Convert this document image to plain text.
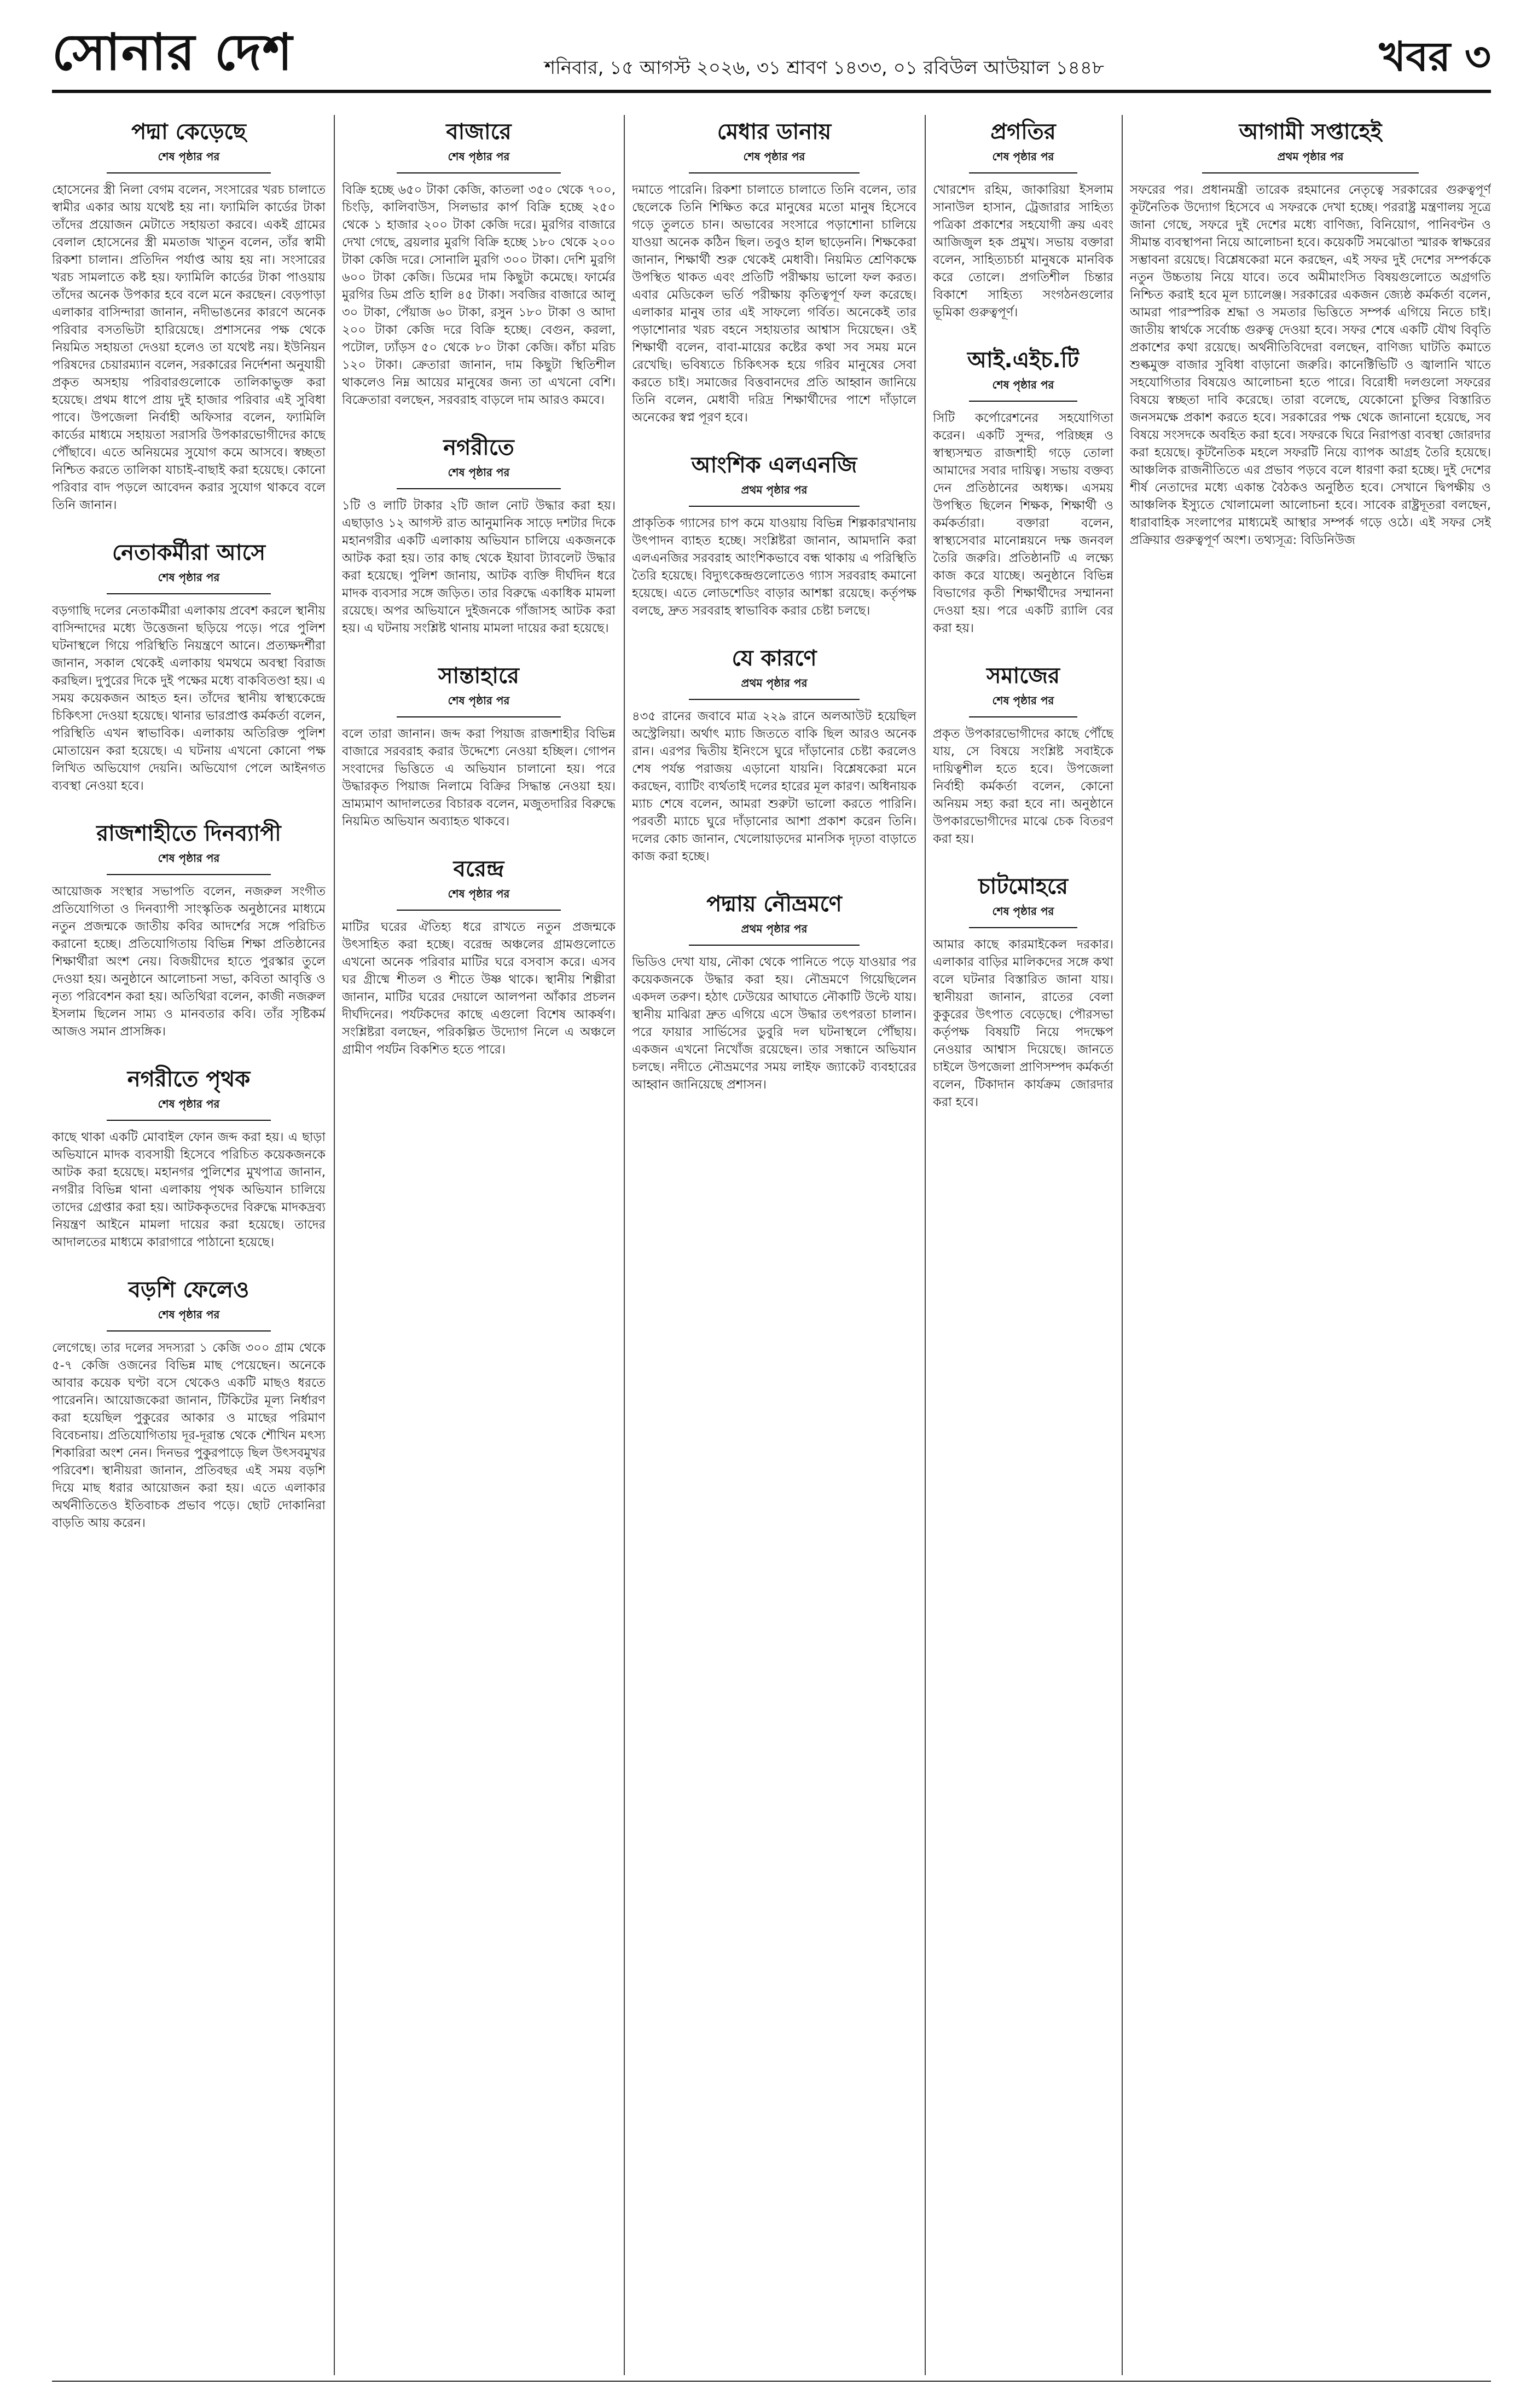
সোনার দেশ	শনিবার, ১৫ আগস্ট ২০২৬, ৩১ শ্রাবণ ১৪৩৩, ০১ রবিউল আউয়াল ১৪৪৮	খবর ৩
পদ্মা কেড়েছে
শেষ পৃষ্ঠার পর

হোসেনের স্ত্রী নিলা বেগম বলেন, সংসারের খরচ চালাতে স্বামীর একার আয় যথেষ্ট হয় না। ফ্যামিলি কার্ডের টাকা তাঁদের প্রয়োজন মেটাতে সহায়তা করবে। একই গ্রামের বেলাল হোসেনের স্ত্রী মমতাজ খাতুন বলেন, তাঁর স্বামী রিকশা চালান। প্রতিদিন পর্যাপ্ত আয় হয় না। সংসারের খরচ সামলাতে কষ্ট হয়। ফ্যামিলি কার্ডের টাকা পাওয়ায় তাঁদের অনেক উপকার হবে বলে মনে করছেন। বেড়পাড়া এলাকার বাসিন্দারা জানান, নদীভাঙনের কারণে অনেক পরিবার বসতভিটা হারিয়েছে। প্রশাসনের পক্ষ থেকে নিয়মিত সহায়তা দেওয়া হলেও তা যথেষ্ট নয়। ইউনিয়ন পরিষদের চেয়ারম্যান বলেন, সরকারের নির্দেশনা অনুযায়ী প্রকৃত অসহায় পরিবারগুলোকে তালিকাভুক্ত করা হয়েছে। প্রথম ধাপে প্রায় দুই হাজার পরিবার এই সুবিধা পাবে। উপজেলা নির্বাহী অফিসার বলেন, ফ্যামিলি কার্ডের মাধ্যমে সহায়তা সরাসরি উপকারভোগীদের কাছে পৌঁছাবে। এতে অনিয়মের সুযোগ কমে আসবে। স্বচ্ছতা নিশ্চিত করতে তালিকা যাচাই-বাছাই করা হয়েছে। কোনো পরিবার বাদ পড়লে আবেদন করার সুযোগ থাকবে বলে তিনি জানান।

নেতাকর্মীরা আসে
শেষ পৃষ্ঠার পর

বড়গাছি দলের নেতাকর্মীরা এলাকায় প্রবেশ করলে স্থানীয় বাসিন্দাদের মধ্যে উত্তেজনা ছড়িয়ে পড়ে। পরে পুলিশ ঘটনাস্থলে গিয়ে পরিস্থিতি নিয়ন্ত্রণে আনে। প্রত্যক্ষদর্শীরা জানান, সকাল থেকেই এলাকায় থমথমে অবস্থা বিরাজ করছিল। দুপুরের দিকে দুই পক্ষের মধ্যে বাকবিতণ্ডা হয়। এ সময় কয়েকজন আহত হন। তাঁদের স্থানীয় স্বাস্থ্যকেন্দ্রে চিকিৎসা দেওয়া হয়েছে। থানার ভারপ্রাপ্ত কর্মকর্তা বলেন, পরিস্থিতি এখন স্বাভাবিক। এলাকায় অতিরিক্ত পুলিশ মোতায়েন করা হয়েছে। এ ঘটনায় এখনো কোনো পক্ষ লিখিত অভিযোগ দেয়নি। অভিযোগ পেলে আইনগত ব্যবস্থা নেওয়া হবে।

রাজশাহীতে দিনব্যাপী
শেষ পৃষ্ঠার পর

আয়োজক সংস্থার সভাপতি বলেন, নজরুল সংগীত প্রতিযোগিতা ও দিনব্যাপী সাংস্কৃতিক অনুষ্ঠানের মাধ্যমে নতুন প্রজন্মকে জাতীয় কবির আদর্শের সঙ্গে পরিচিত করানো হচ্ছে। প্রতিযোগিতায় বিভিন্ন শিক্ষা প্রতিষ্ঠানের শিক্ষার্থীরা অংশ নেয়। বিজয়ীদের হাতে পুরস্কার তুলে দেওয়া হয়। অনুষ্ঠানে আলোচনা সভা, কবিতা আবৃত্তি ও নৃত্য পরিবেশন করা হয়। অতিথিরা বলেন, কাজী নজরুল ইসলাম ছিলেন সাম্য ও মানবতার কবি। তাঁর সৃষ্টিকর্ম আজও সমান প্রাসঙ্গিক।

নগরীতে পৃথক
শেষ পৃষ্ঠার পর

কাছে থাকা একটি মোবাইল ফোন জব্দ করা হয়। এ ছাড়া অভিযানে মাদক ব্যবসায়ী হিসেবে পরিচিত কয়েকজনকে আটক করা হয়েছে। মহানগর পুলিশের মুখপাত্র জানান, নগরীর বিভিন্ন থানা এলাকায় পৃথক অভিযান চালিয়ে তাদের গ্রেপ্তার করা হয়। আটককৃতদের বিরুদ্ধে মাদকদ্রব্য নিয়ন্ত্রণ আইনে মামলা দায়ের করা হয়েছে। তাদের আদালতের মাধ্যমে কারাগারে পাঠানো হয়েছে।

বড়শি ফেলেও
শেষ পৃষ্ঠার পর

লেগেছে। তার দলের সদস্যরা ১ কেজি ৩০০ গ্রাম থেকে ৫-৭ কেজি ওজনের বিভিন্ন মাছ পেয়েছেন। অনেকে আবার কয়েক ঘণ্টা বসে থেকেও একটি মাছও ধরতে পারেননি। আয়োজকেরা জানান, টিকিটের মূল্য নির্ধারণ করা হয়েছিল পুকুরের আকার ও মাছের পরিমাণ বিবেচনায়। প্রতিযোগিতায় দূর-দূরান্ত থেকে শৌখিন মৎস্য শিকারিরা অংশ নেন। দিনভর পুকুরপাড়ে ছিল উৎসবমুখর পরিবেশ। স্থানীয়রা জানান, প্রতিবছর এই সময় বড়শি দিয়ে মাছ ধরার আয়োজন করা হয়। এতে এলাকার অর্থনীতিতেও ইতিবাচক প্রভাব পড়ে। ছোট দোকানিরা বাড়তি আয় করেন।

বাজারে
শেষ পৃষ্ঠার পর

বিক্রি হচ্ছে ৬৫০ টাকা কেজি, কাতলা ৩৫০ থেকে ৭০০, চিংড়ি, কালিবাউস, সিলভার কার্প বিক্রি হচ্ছে ২৫০ থেকে ১ হাজার ২০০ টাকা কেজি দরে। মুরগির বাজারে দেখা গেছে, ব্রয়লার মুরগি বিক্রি হচ্ছে ১৮০ থেকে ২০০ টাকা কেজি দরে। সোনালি মুরগি ৩০০ টাকা। দেশি মুরগি ৬০০ টাকা কেজি। ডিমের দাম কিছুটা কমেছে। ফার্মের মুরগির ডিম প্রতি হালি ৪৫ টাকা। সবজির বাজারে আলু ৩০ টাকা, পেঁয়াজ ৬০ টাকা, রসুন ১৮০ টাকা ও আদা ২০০ টাকা কেজি দরে বিক্রি হচ্ছে। বেগুন, করলা, পটোল, ঢ্যাঁড়স ৫০ থেকে ৮০ টাকা কেজি। কাঁচা মরিচ ১২০ টাকা। ক্রেতারা জানান, দাম কিছুটা স্থিতিশীল থাকলেও নিম্ন আয়ের মানুষের জন্য তা এখনো বেশি। বিক্রেতারা বলছেন, সরবরাহ বাড়লে দাম আরও কমবে।

নগরীতে
শেষ পৃষ্ঠার পর

১টি ও লাটি টাকার ২টি জাল নোট উদ্ধার করা হয়। এছাড়াও ১২ আগস্ট রাত আনুমানিক সাড়ে দশটার দিকে মহানগরীর একটি এলাকায় অভিযান চালিয়ে একজনকে আটক করা হয়। তার কাছ থেকে ইয়াবা ট্যাবলেট উদ্ধার করা হয়েছে। পুলিশ জানায়, আটক ব্যক্তি দীর্ঘদিন ধরে মাদক ব্যবসার সঙ্গে জড়িত। তার বিরুদ্ধে একাধিক মামলা রয়েছে। অপর অভিযানে দুইজনকে গাঁজাসহ আটক করা হয়। এ ঘটনায় সংশ্লিষ্ট থানায় মামলা দায়ের করা হয়েছে।

সান্তাহারে
শেষ পৃষ্ঠার পর

বলে তারা জানান। জব্দ করা পিয়াজ রাজশাহীর বিভিন্ন বাজারে সরবরাহ করার উদ্দেশ্যে নেওয়া হচ্ছিল। গোপন সংবাদের ভিত্তিতে এ অভিযান চালানো হয়। পরে উদ্ধারকৃত পিয়াজ নিলামে বিক্রির সিদ্ধান্ত নেওয়া হয়। ভ্রাম্যমাণ আদালতের বিচারক বলেন, মজুতদারির বিরুদ্ধে নিয়মিত অভিযান অব্যাহত থাকবে।

বরেন্দ্র
শেষ পৃষ্ঠার পর

মাটির ঘরের ঐতিহ্য ধরে রাখতে নতুন প্রজন্মকে উৎসাহিত করা হচ্ছে। বরেন্দ্র অঞ্চলের গ্রামগুলোতে এখনো অনেক পরিবার মাটির ঘরে বসবাস করে। এসব ঘর গ্রীষ্মে শীতল ও শীতে উষ্ণ থাকে। স্থানীয় শিল্পীরা জানান, মাটির ঘরের দেয়ালে আলপনা আঁকার প্রচলন দীর্ঘদিনের। পর্যটকদের কাছে এগুলো বিশেষ আকর্ষণ। সংশ্লিষ্টরা বলছেন, পরিকল্পিত উদ্যোগ নিলে এ অঞ্চলে গ্রামীণ পর্যটন বিকশিত হতে পারে।

মেধার ডানায়
শেষ পৃষ্ঠার পর

দমাতে পারেনি। রিকশা চালাতে চালাতে তিনি বলেন, তার ছেলেকে তিনি শিক্ষিত করে মানুষের মতো মানুষ হিসেবে গড়ে তুলতে চান। অভাবের সংসারে পড়াশোনা চালিয়ে যাওয়া অনেক কঠিন ছিল। তবুও হাল ছাড়েননি। শিক্ষকেরা জানান, শিক্ষার্থী শুরু থেকেই মেধাবী। নিয়মিত শ্রেণিকক্ষে উপস্থিত থাকত এবং প্রতিটি পরীক্ষায় ভালো ফল করত। এবার মেডিকেল ভর্তি পরীক্ষায় কৃতিত্বপূর্ণ ফল করেছে। এলাকার মানুষ তার এই সাফল্যে গর্বিত। অনেকেই তার পড়াশোনার খরচ বহনে সহায়তার আশ্বাস দিয়েছেন। ওই শিক্ষার্থী বলেন, বাবা-মায়ের কষ্টের কথা সব সময় মনে রেখেছি। ভবিষ্যতে চিকিৎসক হয়ে গরিব মানুষের সেবা করতে চাই। সমাজের বিত্তবানদের প্রতি আহ্বান জানিয়ে তিনি বলেন, মেধাবী দরিদ্র শিক্ষার্থীদের পাশে দাঁড়ালে অনেকের স্বপ্ন পূরণ হবে।

আংশিক এলএনজি
প্রথম পৃষ্ঠার পর

প্রাকৃতিক গ্যাসের চাপ কমে যাওয়ায় বিভিন্ন শিল্পকারখানায় উৎপাদন ব্যাহত হচ্ছে। সংশ্লিষ্টরা জানান, আমদানি করা এলএনজির সরবরাহ আংশিকভাবে বন্ধ থাকায় এ পরিস্থিতি তৈরি হয়েছে। বিদ্যুৎকেন্দ্রগুলোতেও গ্যাস সরবরাহ কমানো হয়েছে। এতে লোডশেডিং বাড়ার আশঙ্কা রয়েছে। কর্তৃপক্ষ বলছে, দ্রুত সরবরাহ স্বাভাবিক করার চেষ্টা চলছে।

যে কারণে
প্রথম পৃষ্ঠার পর

৪৩৫ রানের জবাবে মাত্র ২২৯ রানে অলআউট হয়েছিল অস্ট্রেলিয়া। অর্থাৎ ম্যাচ জিততে বাকি ছিল আরও অনেক রান। এরপর দ্বিতীয় ইনিংসে ঘুরে দাঁড়ানোর চেষ্টা করলেও শেষ পর্যন্ত পরাজয় এড়ানো যায়নি। বিশ্লেষকেরা মনে করছেন, ব্যাটিং ব্যর্থতাই দলের হারের মূল কারণ। অধিনায়ক ম্যাচ শেষে বলেন, আমরা শুরুটা ভালো করতে পারিনি। পরবর্তী ম্যাচে ঘুরে দাঁড়ানোর আশা প্রকাশ করেন তিনি। দলের কোচ জানান, খেলোয়াড়দের মানসিক দৃঢ়তা বাড়াতে কাজ করা হচ্ছে।

পদ্মায় নৌভ্রমণে
প্রথম পৃষ্ঠার পর

ভিডিও দেখা যায়, নৌকা থেকে পানিতে পড়ে যাওয়ার পর কয়েকজনকে উদ্ধার করা হয়। নৌভ্রমণে গিয়েছিলেন একদল তরুণ। হঠাৎ ঢেউয়ের আঘাতে নৌকাটি উল্টে যায়। স্থানীয় মাঝিরা দ্রুত এগিয়ে এসে উদ্ধার তৎপরতা চালান। পরে ফায়ার সার্ভিসের ডুবুরি দল ঘটনাস্থলে পৌঁছায়। একজন এখনো নিখোঁজ রয়েছেন। তার সন্ধানে অভিযান চলছে। নদীতে নৌভ্রমণের সময় লাইফ জ্যাকেট ব্যবহারের আহ্বান জানিয়েছে প্রশাসন।

প্রগতির
শেষ পৃষ্ঠার পর

খোরশেদ রহিম, জাকারিয়া ইসলাম সানাউল হাসান, ট্রেজারার সাহিত্য পত্রিকা প্রকাশের সহযোগী ক্রয় এবং আজিজুল হক প্রমুখ। সভায় বক্তারা বলেন, সাহিত্যচর্চা মানুষকে মানবিক করে তোলে। প্রগতিশীল চিন্তার বিকাশে সাহিত্য সংগঠনগুলোর ভূমিকা গুরুত্বপূর্ণ।

আই.এইচ.টি
শেষ পৃষ্ঠার পর

সিটি কর্পোরেশনের সহযোগিতা করেন। একটি সুন্দর, পরিচ্ছন্ন ও স্বাস্থ্যসম্মত রাজশাহী গড়ে তোলা আমাদের সবার দায়িত্ব। সভায় বক্তব্য দেন প্রতিষ্ঠানের অধ্যক্ষ। এসময় উপস্থিত ছিলেন শিক্ষক, শিক্ষার্থী ও কর্মকর্তারা। বক্তারা বলেন, স্বাস্থ্যসেবার মানোন্নয়নে দক্ষ জনবল তৈরি জরুরি। প্রতিষ্ঠানটি এ লক্ষ্যে কাজ করে যাচ্ছে। অনুষ্ঠানে বিভিন্ন বিভাগের কৃতী শিক্ষার্থীদের সম্মাননা দেওয়া হয়। পরে একটি র‍্যালি বের করা হয়।

সমাজের
শেষ পৃষ্ঠার পর

প্রকৃত উপকারভোগীদের কাছে পৌঁছে যায়, সে বিষয়ে সংশ্লিষ্ট সবাইকে দায়িত্বশীল হতে হবে। উপজেলা নির্বাহী কর্মকর্তা বলেন, কোনো অনিয়ম সহ্য করা হবে না। অনুষ্ঠানে উপকারভোগীদের মাঝে চেক বিতরণ করা হয়।

চাটমোহরে
শেষ পৃষ্ঠার পর

আমার কাছে কারমাইকেল দরকার। এলাকার বাড়ির মালিকদের সঙ্গে কথা বলে ঘটনার বিস্তারিত জানা যায়। স্থানীয়রা জানান, রাতের বেলা কুকুরের উৎপাত বেড়েছে। পৌরসভা কর্তৃপক্ষ বিষয়টি নিয়ে পদক্ষেপ নেওয়ার আশ্বাস দিয়েছে। জানতে চাইলে উপজেলা প্রাণিসম্পদ কর্মকর্তা বলেন, টিকাদান কার্যক্রম জোরদার করা হবে।

আগামী সপ্তাহেই
প্রথম পৃষ্ঠার পর

সফরের পর। প্রধানমন্ত্রী তারেক রহমানের নেতৃত্বে সরকারের গুরুত্বপূর্ণ কূটনৈতিক উদ্যোগ হিসেবে এ সফরকে দেখা হচ্ছে। পররাষ্ট্র মন্ত্রণালয় সূত্রে জানা গেছে, সফরে দুই দেশের মধ্যে বাণিজ্য, বিনিয়োগ, পানিবণ্টন ও সীমান্ত ব্যবস্থাপনা নিয়ে আলোচনা হবে। কয়েকটি সমঝোতা স্মারক স্বাক্ষরের সম্ভাবনা রয়েছে। বিশ্লেষকেরা মনে করছেন, এই সফর দুই দেশের সম্পর্ককে নতুন উচ্চতায় নিয়ে যাবে। তবে অমীমাংসিত বিষয়গুলোতে অগ্রগতি নিশ্চিত করাই হবে মূল চ্যালেঞ্জ। সরকারের একজন জ্যেষ্ঠ কর্মকর্তা বলেন, আমরা পারস্পরিক শ্রদ্ধা ও সমতার ভিত্তিতে সম্পর্ক এগিয়ে নিতে চাই। জাতীয় স্বার্থকে সর্বোচ্চ গুরুত্ব দেওয়া হবে। সফর শেষে একটি যৌথ বিবৃতি প্রকাশের কথা রয়েছে। অর্থনীতিবিদেরা বলছেন, বাণিজ্য ঘাটতি কমাতে শুল্কমুক্ত বাজার সুবিধা বাড়ানো জরুরি। কানেক্টিভিটি ও জ্বালানি খাতে সহযোগিতার বিষয়েও আলোচনা হতে পারে। বিরোধী দলগুলো সফরের বিষয়ে স্বচ্ছতা দাবি করেছে। তারা বলেছে, যেকোনো চুক্তির বিস্তারিত জনসমক্ষে প্রকাশ করতে হবে। সরকারের পক্ষ থেকে জানানো হয়েছে, সব বিষয়ে সংসদকে অবহিত করা হবে। সফরকে ঘিরে নিরাপত্তা ব্যবস্থা জোরদার করা হয়েছে। কূটনৈতিক মহলে সফরটি নিয়ে ব্যাপক আগ্রহ তৈরি হয়েছে। আঞ্চলিক রাজনীতিতে এর প্রভাব পড়বে বলে ধারণা করা হচ্ছে। দুই দেশের শীর্ষ নেতাদের মধ্যে একান্ত বৈঠকও অনুষ্ঠিত হবে। সেখানে দ্বিপক্ষীয় ও আঞ্চলিক ইস্যুতে খোলামেলা আলোচনা হবে। সাবেক রাষ্ট্রদূতরা বলছেন, ধারাবাহিক সংলাপের মাধ্যমেই আস্থার সম্পর্ক গড়ে ওঠে। এই সফর সেই প্রক্রিয়ার গুরুত্বপূর্ণ অংশ। তথ্যসূত্র: বিডিনিউজ
